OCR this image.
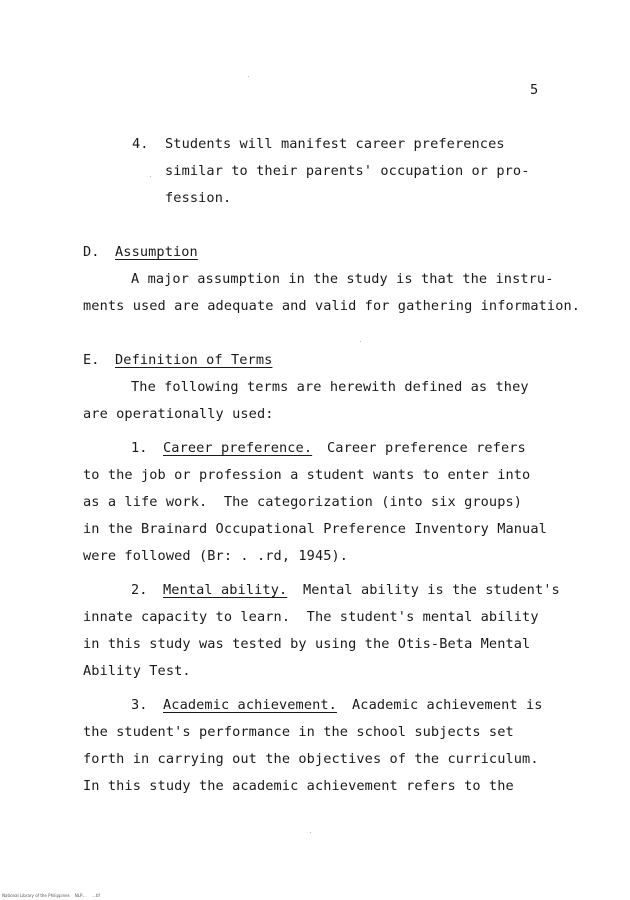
5
4. Students will manifest career preferences
similar to their parents' occupation or pro-
fession.
D. Assumption
A major assumption in the study is that the instru-
ments used are adequate and valid for gathering information.
E. Definition of Terms
The following terms are herewith defined as they
are operationally used:
1. Career preference. Career preference refers
to the job or profession a student wants to enter into
as a life work.  The categorization (into six groups)
in the Brainard Occupational Preference Inventory Manual
were followed (Br: . .rd, 1945).
2. Mental ability. Mental ability is the student's
innate capacity to learn.  The student's mental ability
in this study was tested by using the Otis-Beta Mental
Ability Test.
3. Academic achievement. Academic achievement is
the student's performance in the school subjects set
forth in carrying out the objectives of the curriculum.
In this study the academic achievement refers to the
National Library of the Philippines    NLP...     ...tif
